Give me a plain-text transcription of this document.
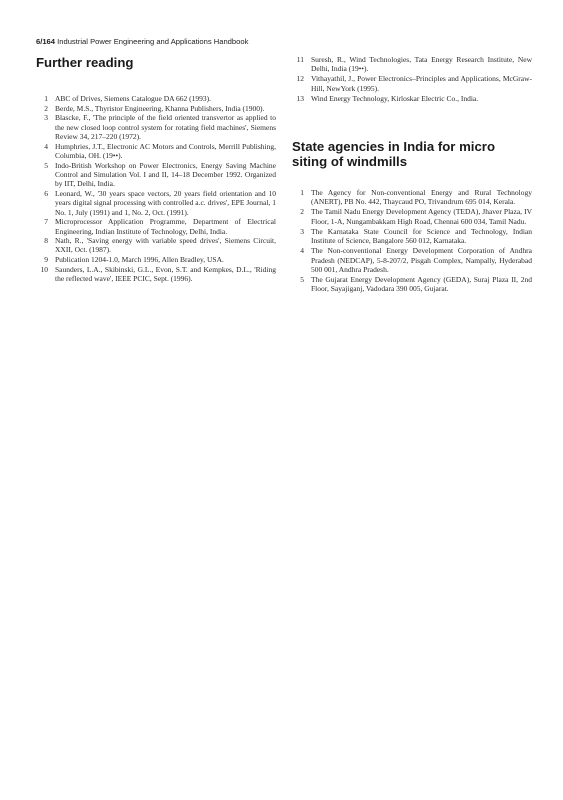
6/164 Industrial Power Engineering and Applications Handbook
Further reading
1 ABC of Drives, Siemens Catalogue DA 662 (1993).
2 Berde, M.S., Thyristor Engineering, Khanna Publishers, India (1900).
3 Blascke, F., 'The principle of the field oriented transvertor as applied to the new closed loop control system for rotating field machines', Siemens Review 34, 217–220 (1972).
4 Humphries, J.T., Electronic AC Motors and Controls, Merrill Publishing, Columbia, OH. (19••).
5 Indo-British Workshop on Power Electronics, Energy Saving Machine Control and Simulation Vol. I and II, 14–18 December 1992. Organized by IIT, Delhi, India.
6 Leonard, W., '30 years space vectors, 20 years field orientation and 10 years digital signal processing with controlled a.c. drives', EPE Journal, 1 No. 1, July (1991) and 1, No. 2, Oct. (1991).
7 Microprocessor Application Programme, Department of Electrical Engineering, Indian Institute of Technology, Delhi, India.
8 Nath, R., 'Saving energy with variable speed drives', Siemens Circuit, XXII, Oct. (1987).
9 Publication 1204-1.0, March 1996, Allen Bradley, USA.
10 Saunders, L.A., Skibinski, G.L., Evon, S.T. and Kempkes, D.L., 'Riding the reflected wave', IEEE PCIC, Sept. (1996).
11 Suresh, R., Wind Technologies, Tata Energy Research Institute, New Delhi, India (19••).
12 Vithayathil, J., Power Electronics–Principles and Applications, McGraw-Hill, NewYork (1995).
13 Wind Energy Technology, Kirloskar Electric Co., India.
State agencies in India for micro siting of windmills
1 The Agency for Non-conventional Energy and Rural Technology (ANERT), PB No. 442, Thaycaud PO, Trivandrum 695 014, Kerala.
2 The Tamil Nadu Energy Development Agency (TEDA), Jhaver Plaza, IV Floor, 1-A, Nungambakkam High Road, Chennai 600 034, Tamil Nadu.
3 The Karnataka State Council for Science and Technology, Indian Institute of Science, Bangalore 560 012, Karnataka.
4 The Non-conventional Energy Development Corporation of Andhra Pradesh (NEDCAP), 5-8-207/2, Pisgah Complex, Nampally, Hyderabad 500 001, Andhra Pradesh.
5 The Gujarat Energy Development Agency (GEDA), Suraj Plaza II, 2nd Floor, Sayajiganj, Vadodara 390 005, Gujarat.
